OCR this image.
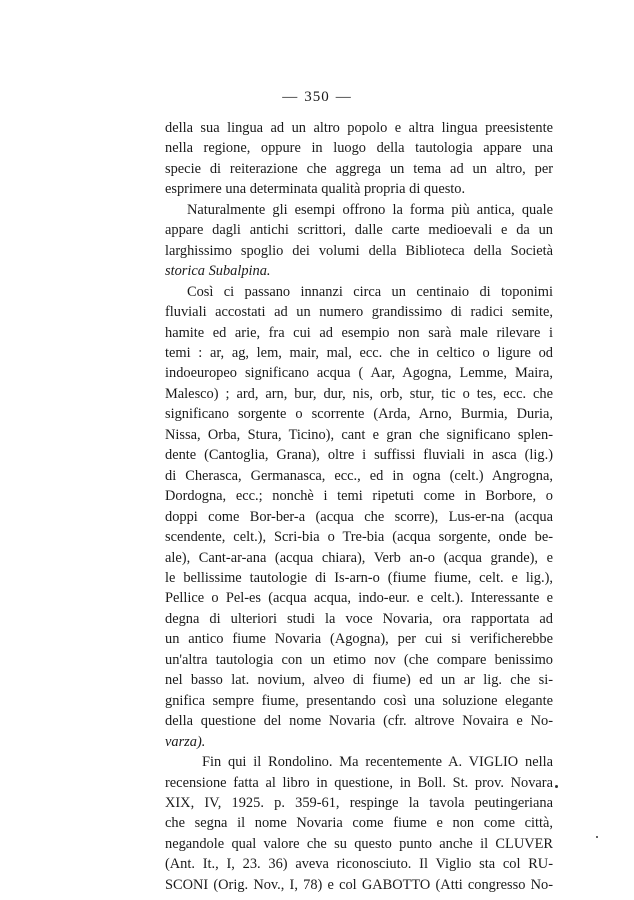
— 350 —

della sua lingua ad un altro popolo e altra lingua preesistente
nella regione, oppure in luogo della tautologia appare una
specie di reiterazione che aggrega un tema ad un altro, per
esprimere una determinata qualità propria di questo.

Naturalmente gli esempi offrono la forma più antica, quale
appare dagli antichi scrittori, dalle carte medioevali e da un
larghissimo spoglio dei volumi della Biblioteca della Società
storica Subalpina.

Così ci passano innanzi circa un centinaio di toponimi
fluviali accostati ad un numero grandissimo di radici semite,
hamite ed arie, fra cui ad esempio non sarà male rilevare i
temi : ar, ag, lem, mair, mal, ecc. che in celtico o ligure od
indoeuropeo significano acqua ( Aar, Agogna, Lemme, Maira,
Malesco) ; ard, arn, bur, dur, nis, orb, stur, tic o tes, ecc. che
significano sorgente o scorrente (Arda, Arno, Burmia, Duria,
Nissa, Orba, Stura, Ticino), cant e gran che significano splen-
dente (Cantoglia, Grana), oltre i suffissi fluviali in asca (lig.)
di Cherasca, Germanasca, ecc., ed in ogna (celt.) Angrogna,
Dordogna, ecc.; nonchè i temi ripetuti come in Borbore, o
doppi come Bor-ber-a (acqua che scorre), Lus-er-na (acqua
scendente, celt.), Scri-bia o Tre-bia (acqua sorgente, onde be-
ale), Cant-ar-ana (acqua chiara), Verb an-o (acqua grande), e
le bellissime tautologie di Is-arn-o (fiume fiume, celt. e lig.),
Pellice o Pel-es (acqua acqua, indo-eur. e celt.). Interessante e
degna di ulteriori studi la voce Novaria, ora rapportata ad
un antico fiume Novaria (Agogna), per cui si verificherebbe
un'altra tautologia con un etimo nov (che compare benissimo
nel basso lat. novium, alveo di fiume) ed un ar lig. che si-
gnifica sempre fiume, presentando così una soluzione elegante
della questione del nome Novaria (cfr. altrove Novaira e No-
varza).

Fin qui il Rondolino. Ma recentemente A. VIGLIO nella
recensione fatta al libro in questione, in Boll. St. prov. Novara
XIX, IV, 1925. p. 359-61, respinge la tavola peutingeriana
che segna il nome Novaria come fiume e non come città,
negandole qual valore che su questo punto anche il CLUVER
(Ant. It., I, 23. 36) aveva riconosciuto. Il Viglio sta col RU-
SCONI (Orig. Nov., I, 78) e col GABOTTO (Atti congresso No-
